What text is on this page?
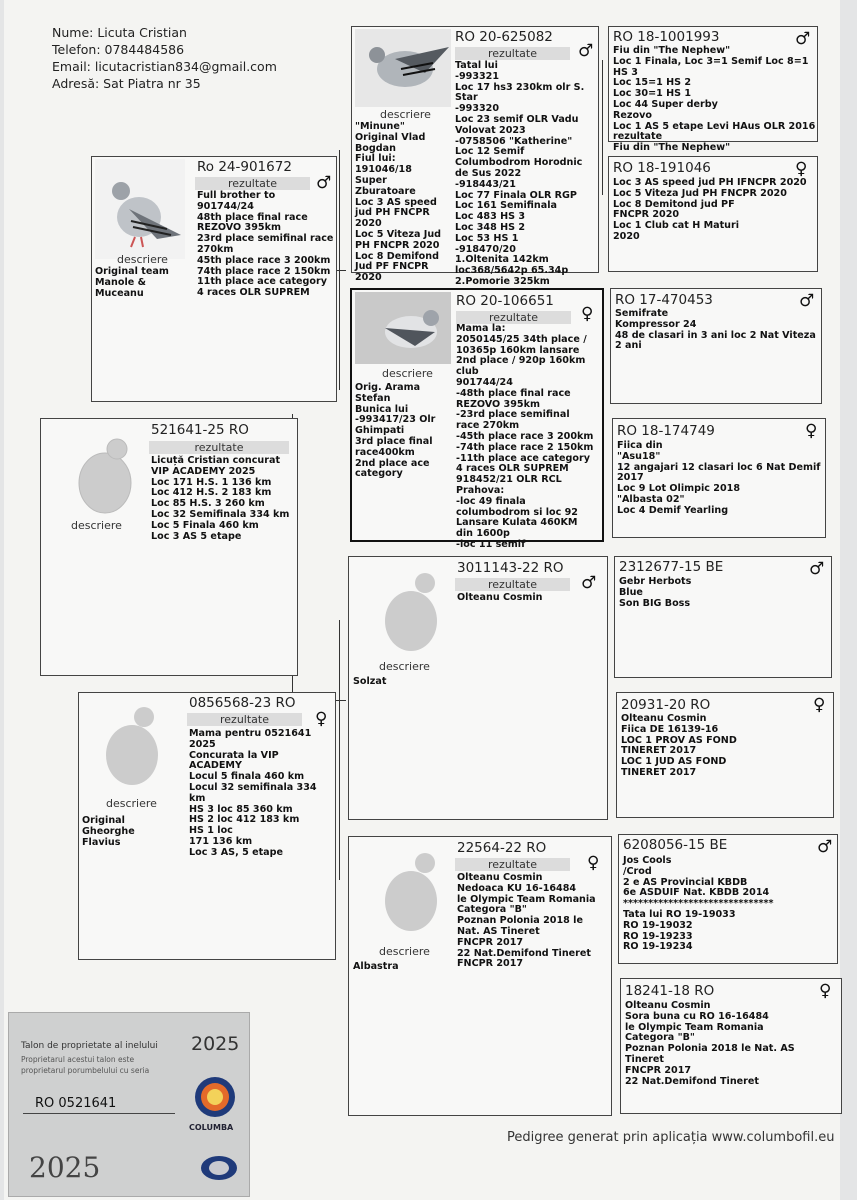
Nume: Licuta Cristian
Telefon: 0784484586
Email: licutacristian834@gmail.com
Adresă: Sat Piatra nr 35
521641-25 RO
rezultate
descriere
Licuță Cristian concurat
VIP ACADEMY 2025
Loc 171 H.S. 1 136 km
Loc 412 H.S. 2 183 km
Loc 85 H.S. 3 260 km
Loc 32 Semifinala 334 km
Loc 5 Finala 460 km
Loc 3 AS 5 etape
Ro 24-901672
rezultate	♂
descriere
Original team
Manole &
Muceanu
Full brother to
901744/24
48th place final race
REZOVO 395km
23rd place semifinal race
270km
45th place race 3 200km
74th place race 2 150km
11th place ace category
4 races OLR SUPREM
0856568-23 RO
rezultate	♀
descriere
Original
Gheorghe
Flavius
Mama pentru 0521641
2025
Concurata la VIP
ACADEMY
Locul 5 finala 460 km
Locul 32 semifinala 334
km
HS 3 loc 85 360 km
HS 2 loc 412 183 km
HS 1 loc
171 136 km
Loc 3 AS, 5 etape
RO 20-625082
rezultate	♂
descriere
"Minune"
Original Vlad
Bogdan
Fiul lui:
191046/18
Super
Zburatoare
Loc 3 AS speed
jud PH FNCPR
2020
Loc 5 Viteza Jud
PH FNCPR 2020
Loc 8 Demifond
Jud PF FNCPR
2020
Tatal lui
-993321
Loc 17 hs3 230km olr S.
Star
-993320
Loc 23 semif OLR Vadu
Volovat 2023
-0758506 "Katherine"
Loc 12 Semif
Columbodrom Horodnic
de Sus 2022
-918443/21
Loc 77 Finala OLR RGP
Loc 161 Semifinala
Loc 483 HS 3
Loc 348 HS 2
Loc 53 HS 1
-918470/20
1.Oltenita 142km
loc368/5642p 65.34p
2.Pomorie 325km
RO 20-106651
rezultate	♀
descriere
Orig. Arama
Stefan
Bunica lui
-993417/23 Olr
Ghimpati
3rd place final
race400km
2nd place ace
category
Mama la:
2050145/25 34th place /
10365p 160km lansare
2nd place / 920p 160km
club
901744/24
-48th place final race
REZOVO 395km
-23rd place semifinal
race 270km
-45th place race 3 200km
-74th place race 2 150km
-11th place ace category
4 races OLR SUPREM
918452/21 OLR RCL
Prahova:
-loc 49 finala
columbodrom si loc 92
Lansare Kulata 460KM
din 1600p
-loc 11 semif
3011143-22 RO
rezultate	♂
descriere
Solzat
Olteanu Cosmin
22564-22 RO
rezultate	♀
descriere
Albastra
Olteanu Cosmin
Nedoaca KU 16-16484
le Olympic Team Romania
Categora "B"
Poznan Polonia 2018 le
Nat. AS Tineret
FNCPR 2017
22 Nat.Demifond Tineret
FNCPR 2017
RO 18-1001993	♂
Fiu din "The Nephew"
Loc 1 Finala, Loc 3=1 Semif Loc 8=1
HS 3
Loc 15=1 HS 2
Loc 30=1 HS 1
Loc 44 Super derby
Rezovo
Loc 1 AS 5 etape Levi HAus OLR 2016
rezultate
Fiu din "The Nephew"
RO 18-191046	♀
Loc 3 AS speed jud PH IFNCPR 2020
Loc 5 Viteza Jud PH FNCPR 2020
Loc 8 Demitond jud PF
FNCPR 2020
Loc 1 Club cat H Maturi
2020
RO 17-470453	♂
Semifrate
Kompressor 24
48 de clasari in 3 ani loc 2 Nat Viteza
2 ani
RO 18-174749	♀
Fiica din
"Asu18"
12 angajari 12 clasari loc 6 Nat Demif
2017
Loc 9 Lot Olimpic 2018
"Albasta 02"
Loc 4 Demif Yearling
2312677-15 BE	♂
Gebr Herbots
Blue
Son BIG Boss
20931-20 RO	♀
Olteanu Cosmin
Fiica DE 16139-16
LOC 1 PROV AS FOND
TINERET 2017
LOC 1 JUD AS FOND
TINERET 2017
6208056-15 BE	♂
Jos Cools
/Crod
2 e AS Provincial KBDB
6e ASDUIF Nat. KBDB 2014
******************************
Tata lui RO 19-19033
RO 19-19032
RO 19-19233
RO 19-19234
18241-18 RO	♀
Olteanu Cosmin
Sora buna cu RO 16-16484
le Olympic Team Romania
Categora "B"
Poznan Polonia 2018 le Nat. AS
Tineret
FNCPR 2017
22 Nat.Demifond Tineret
Pedigree generat prin aplicația www.columbofil.eu
Talon de proprietate al inelului
Proprietarul acestui talon este
proprietarul porumbelului cu seria
RO 0521641
2025
COLUMBA
2025
